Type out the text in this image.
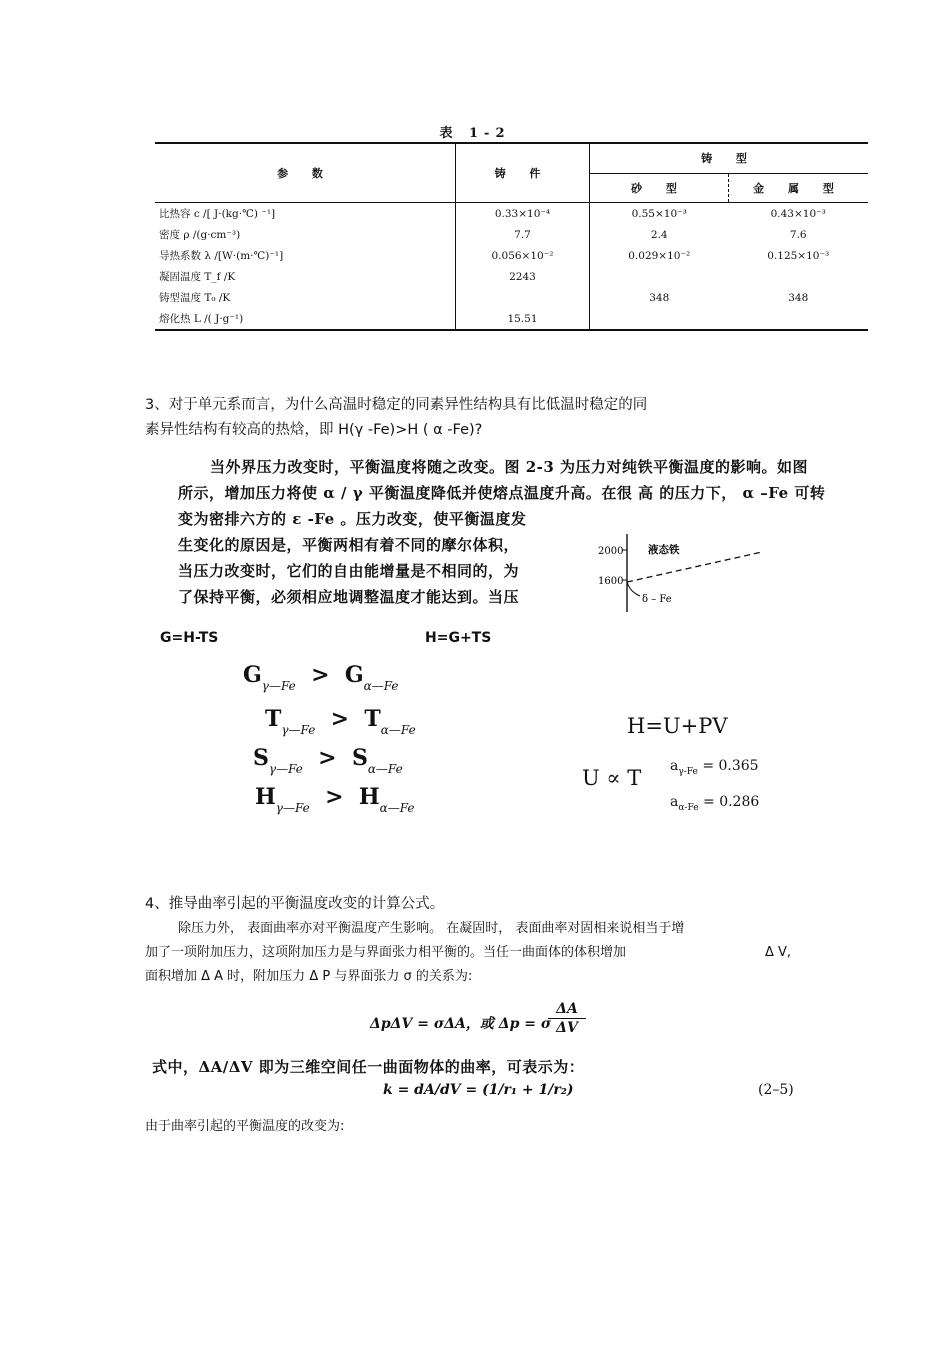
表 1-2
参 数	铸 件	铸 型	
		砂 型	金 属 型
比热容 c /[ J·(kg·℃) ⁻¹]	0.33×10⁻⁴	0.55×10⁻³	0.43×10⁻³
密度 ρ /(g·cm⁻³)	7.7	2.4	7.6
导热系数 λ /[W·(m·℃)⁻¹]	0.056×10⁻²	0.029×10⁻²	0.125×10⁻³
凝固温度 T_f /K	2243		
铸型温度 T₀ /K		348	348
熔化热 L /( J·g⁻¹)	15.51		
3、对于单元系而言，为什么高温时稳定的同素异性结构具有比低温时稳定的同
素异性结构有较高的热焓，即 H(γ -Fe)>H ( α -Fe)?
当外界压力改变时，平衡温度将随之改变。图 2-3 为压力对纯铁平衡温度的影响。如图
所示，增加压力将使 α / γ 平衡温度降低并使熔点温度升高。在很 高 的压力下， α –Fe 可转
变为密排六方的 ε -Fe 。压力改变，使平衡温度发
生变化的原因是，平衡两相有着不同的摩尔体积，
当压力改变时，它们的自由能增量是不相同的，为
了保持平衡，必须相应地调整温度才能达到。当压
2000
1600
液态铁
δ – Fe
G=H-TS	H=G+TS
$G_{\gamma—Fe} > G_{\alpha—Fe}$
$T_{\gamma—Fe} > T_{\alpha—Fe}$
$S_{\gamma—Fe} > S_{\alpha—Fe}$
$H_{\gamma—Fe} > H_{\alpha—Fe}$
H=U+PV
U ∝ T $a_{\gamma-Fe} = 0.365$
$a_{\alpha-Fe} = 0.286$
4、推导曲率引起的平衡温度改变的计算公式。
除压力外， 表面曲率亦对平衡温度产生影响。 在凝固时， 表面曲率对固相来说相当于增
加了一项附加压力，这项附加压力是与界面张力相平衡的。当任一曲面体的体积增加	Δ V,
面积增加 Δ A 时，附加压力 Δ P 与界面张力 σ 的关系为:
ΔpΔV = σΔA，或 Δp = σ
$\frac{\Delta A}{\Delta V}$
式中，ΔA/ΔV 即为三维空间任一曲面物体的曲率，可表示为：
k = dA/dV = (1/r₁ + 1/r₂)	(2–5)
由于曲率引起的平衡温度的改变为:
